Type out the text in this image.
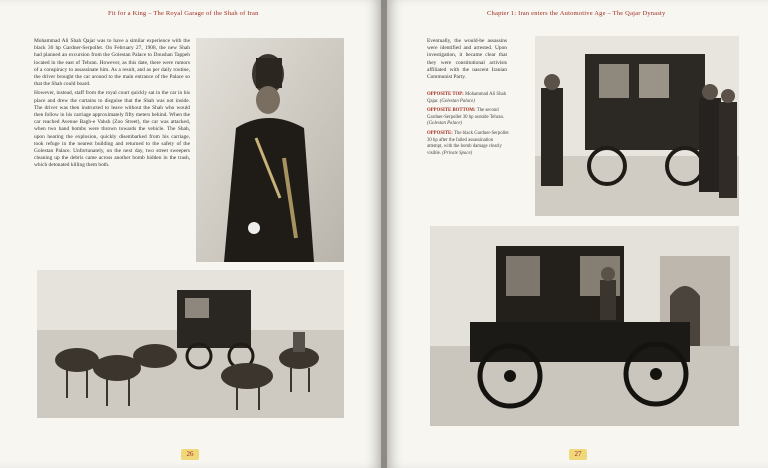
Fit for a King – The Royal Garage of the Shah of Iran

Mohammad Ali Shah Qajar was to have a similar experience with the black 30 hp Gardner-Serpollet. On February 27, 1908, the new Shah had planned an excursion from the Golestan Palace to Doushan Tappeh located in the east of Tehran. However, as this date, there were rumors of a conspiracy to assassinate him. As a result, and as per daily routine, the driver brought the car around to the main entrance of the Palace so that the Shah could board.

However, instead, staff from the royal court quickly sat in the car in his place and drew the curtains to disguise that the Shah was not inside. The driver was then instructed to leave without the Shah who would then follow in his carriage approximately fifty meters behind. When the car reached Avenue Bagh-e Vahsh (Zoo Street), the car was attacked, when two hand bombs were thrown towards the vehicle. The Shah, upon hearing the explosion, quickly disembarked from his carriage, took refuge in the nearest building and returned to the safety of the Golestan Palace. Unfortunately, on the next day, two street sweepers cleaning up the debris came across another bomb hidden in the trash, which detonated killing them both.

26
Chapter 1: Iran enters the Automotive Age – The Qajar Dynasty
Eventually, the would-be assassins were identified and arrested. Upon investigation, it became clear that they were constitutional activists affiliated with the nascent Iranian Communist Party.
OPPOSITE TOP: Mohammad Ali Shah Qajar. (Golestan Palace)
OPPOSITE BOTTOM: The second Gardner-Serpollet 30 hp outside Tehran. (Golestan Palace)
OPPOSITE: The black Gardner-Serpollet 30 hp after the failed assassination attempt, with the bomb damage clearly visible. (Private Space)
27
